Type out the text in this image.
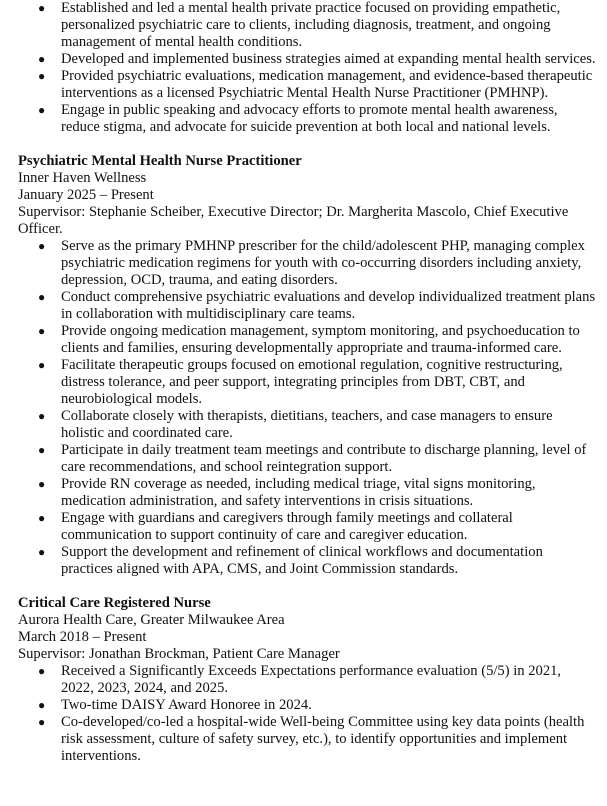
● Established and led a mental health private practice focused on providing empathetic, personalized psychiatric care to clients, including diagnosis, treatment, and ongoing management of mental health conditions.
● Developed and implemented business strategies aimed at expanding mental health services.
● Provided psychiatric evaluations, medication management, and evidence-based therapeutic interventions as a licensed Psychiatric Mental Health Nurse Practitioner (PMHNP).
● Engage in public speaking and advocacy efforts to promote mental health awareness, reduce stigma, and advocate for suicide prevention at both local and national levels.
Psychiatric Mental Health Nurse Practitioner
Inner Haven Wellness
January 2025 – Present
Supervisor: Stephanie Scheiber, Executive Director; Dr. Margherita Mascolo, Chief Executive Officer.
● Serve as the primary PMHNP prescriber for the child/adolescent PHP, managing complex psychiatric medication regimens for youth with co-occurring disorders including anxiety, depression, OCD, trauma, and eating disorders.
● Conduct comprehensive psychiatric evaluations and develop individualized treatment plans in collaboration with multidisciplinary care teams.
● Provide ongoing medication management, symptom monitoring, and psychoeducation to clients and families, ensuring developmentally appropriate and trauma-informed care.
● Facilitate therapeutic groups focused on emotional regulation, cognitive restructuring, distress tolerance, and peer support, integrating principles from DBT, CBT, and neurobiological models.
● Collaborate closely with therapists, dietitians, teachers, and case managers to ensure holistic and coordinated care.
● Participate in daily treatment team meetings and contribute to discharge planning, level of care recommendations, and school reintegration support.
● Provide RN coverage as needed, including medical triage, vital signs monitoring, medication administration, and safety interventions in crisis situations.
● Engage with guardians and caregivers through family meetings and collateral communication to support continuity of care and caregiver education.
● Support the development and refinement of clinical workflows and documentation practices aligned with APA, CMS, and Joint Commission standards.
Critical Care Registered Nurse
Aurora Health Care, Greater Milwaukee Area
March 2018 – Present
Supervisor: Jonathan Brockman, Patient Care Manager
● Received a Significantly Exceeds Expectations performance evaluation (5/5) in 2021, 2022, 2023, 2024, and 2025.
● Two-time DAISY Award Honoree in 2024.
● Co-developed/co-led a hospital-wide Well-being Committee using key data points (health risk assessment, culture of safety survey, etc.), to identify opportunities and implement interventions.
